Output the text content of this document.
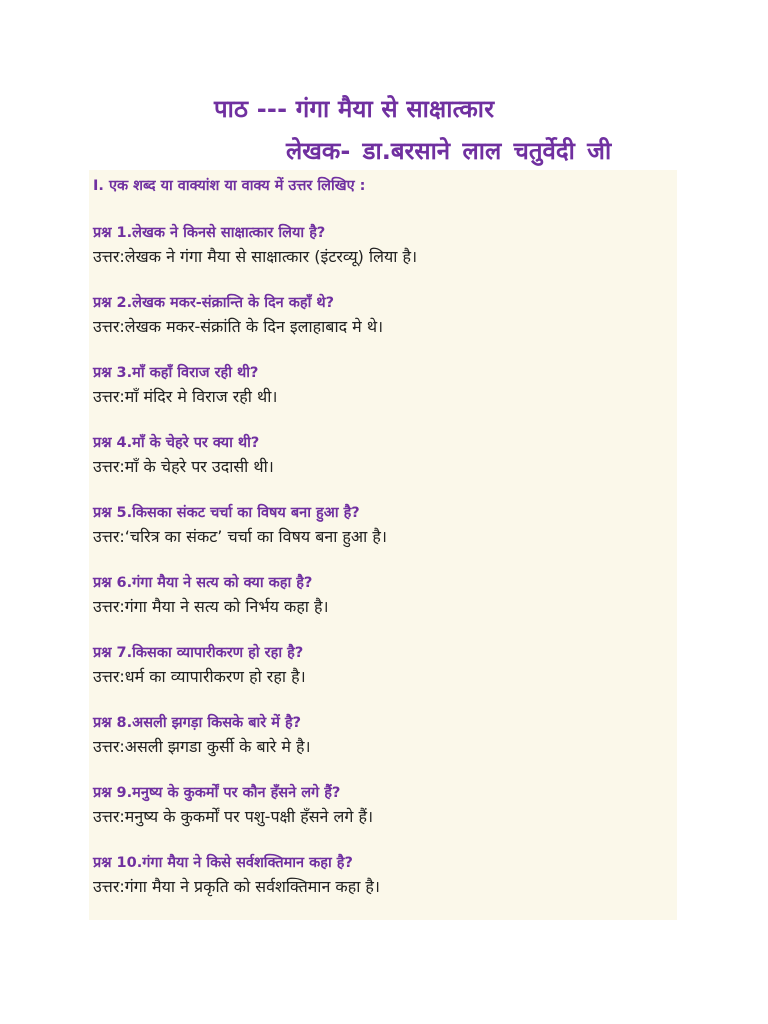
पाठ --- गंगा मैया से साक्षात्कार
लेखक- डा.बरसाने लाल चतुर्वेदी जी
I. एक शब्द या वाक्यांश या वाक्य में उत्तर लिखिए :
प्रश्न 1.लेखक ने किनसे साक्षात्कार लिया है?
उत्तर:लेखक ने गंगा मैया से साक्षात्कार (इंटरव्यू) लिया है।
प्रश्न 2.लेखक मकर-संक्रान्ति के दिन कहाँ थे?
उत्तर:लेखक मकर-संक्रांति के दिन इलाहाबाद मे थे।
प्रश्न 3.माँ कहाँ विराज रही थी?
उत्तर:माँ मंदिर मे विराज रही थी।
प्रश्न 4.माँ के चेहरे पर क्या थी?
उत्तर:माँ के चेहरे पर उदासी थी।
प्रश्न 5.किसका संकट चर्चा का विषय बना हुआ है?
उत्तर:‘चरित्र का संकट’ चर्चा का विषय बना हुआ है।
प्रश्न 6.गंगा मैया ने सत्य को क्या कहा है?
उत्तर:गंगा मैया ने सत्य को निर्भय कहा है।
प्रश्न 7.किसका व्यापारीकरण हो रहा है?
उत्तर:धर्म का व्यापारीकरण हो रहा है।
प्रश्न 8.असली झगड़ा किसके बारे में है?
उत्तर:असली झगडा कुर्सी के बारे मे है।
प्रश्न 9.मनुष्य के कुकर्मों पर कौन हँसने लगे हैं?
उत्तर:मनुष्य के कुकर्मों पर पशु-पक्षी हँसने लगे हैं।
प्रश्न 10.गंगा मैया ने किसे सर्वशक्तिमान कहा है?
उत्तर:गंगा मैया ने प्रकृति को सर्वशक्तिमान कहा है।
